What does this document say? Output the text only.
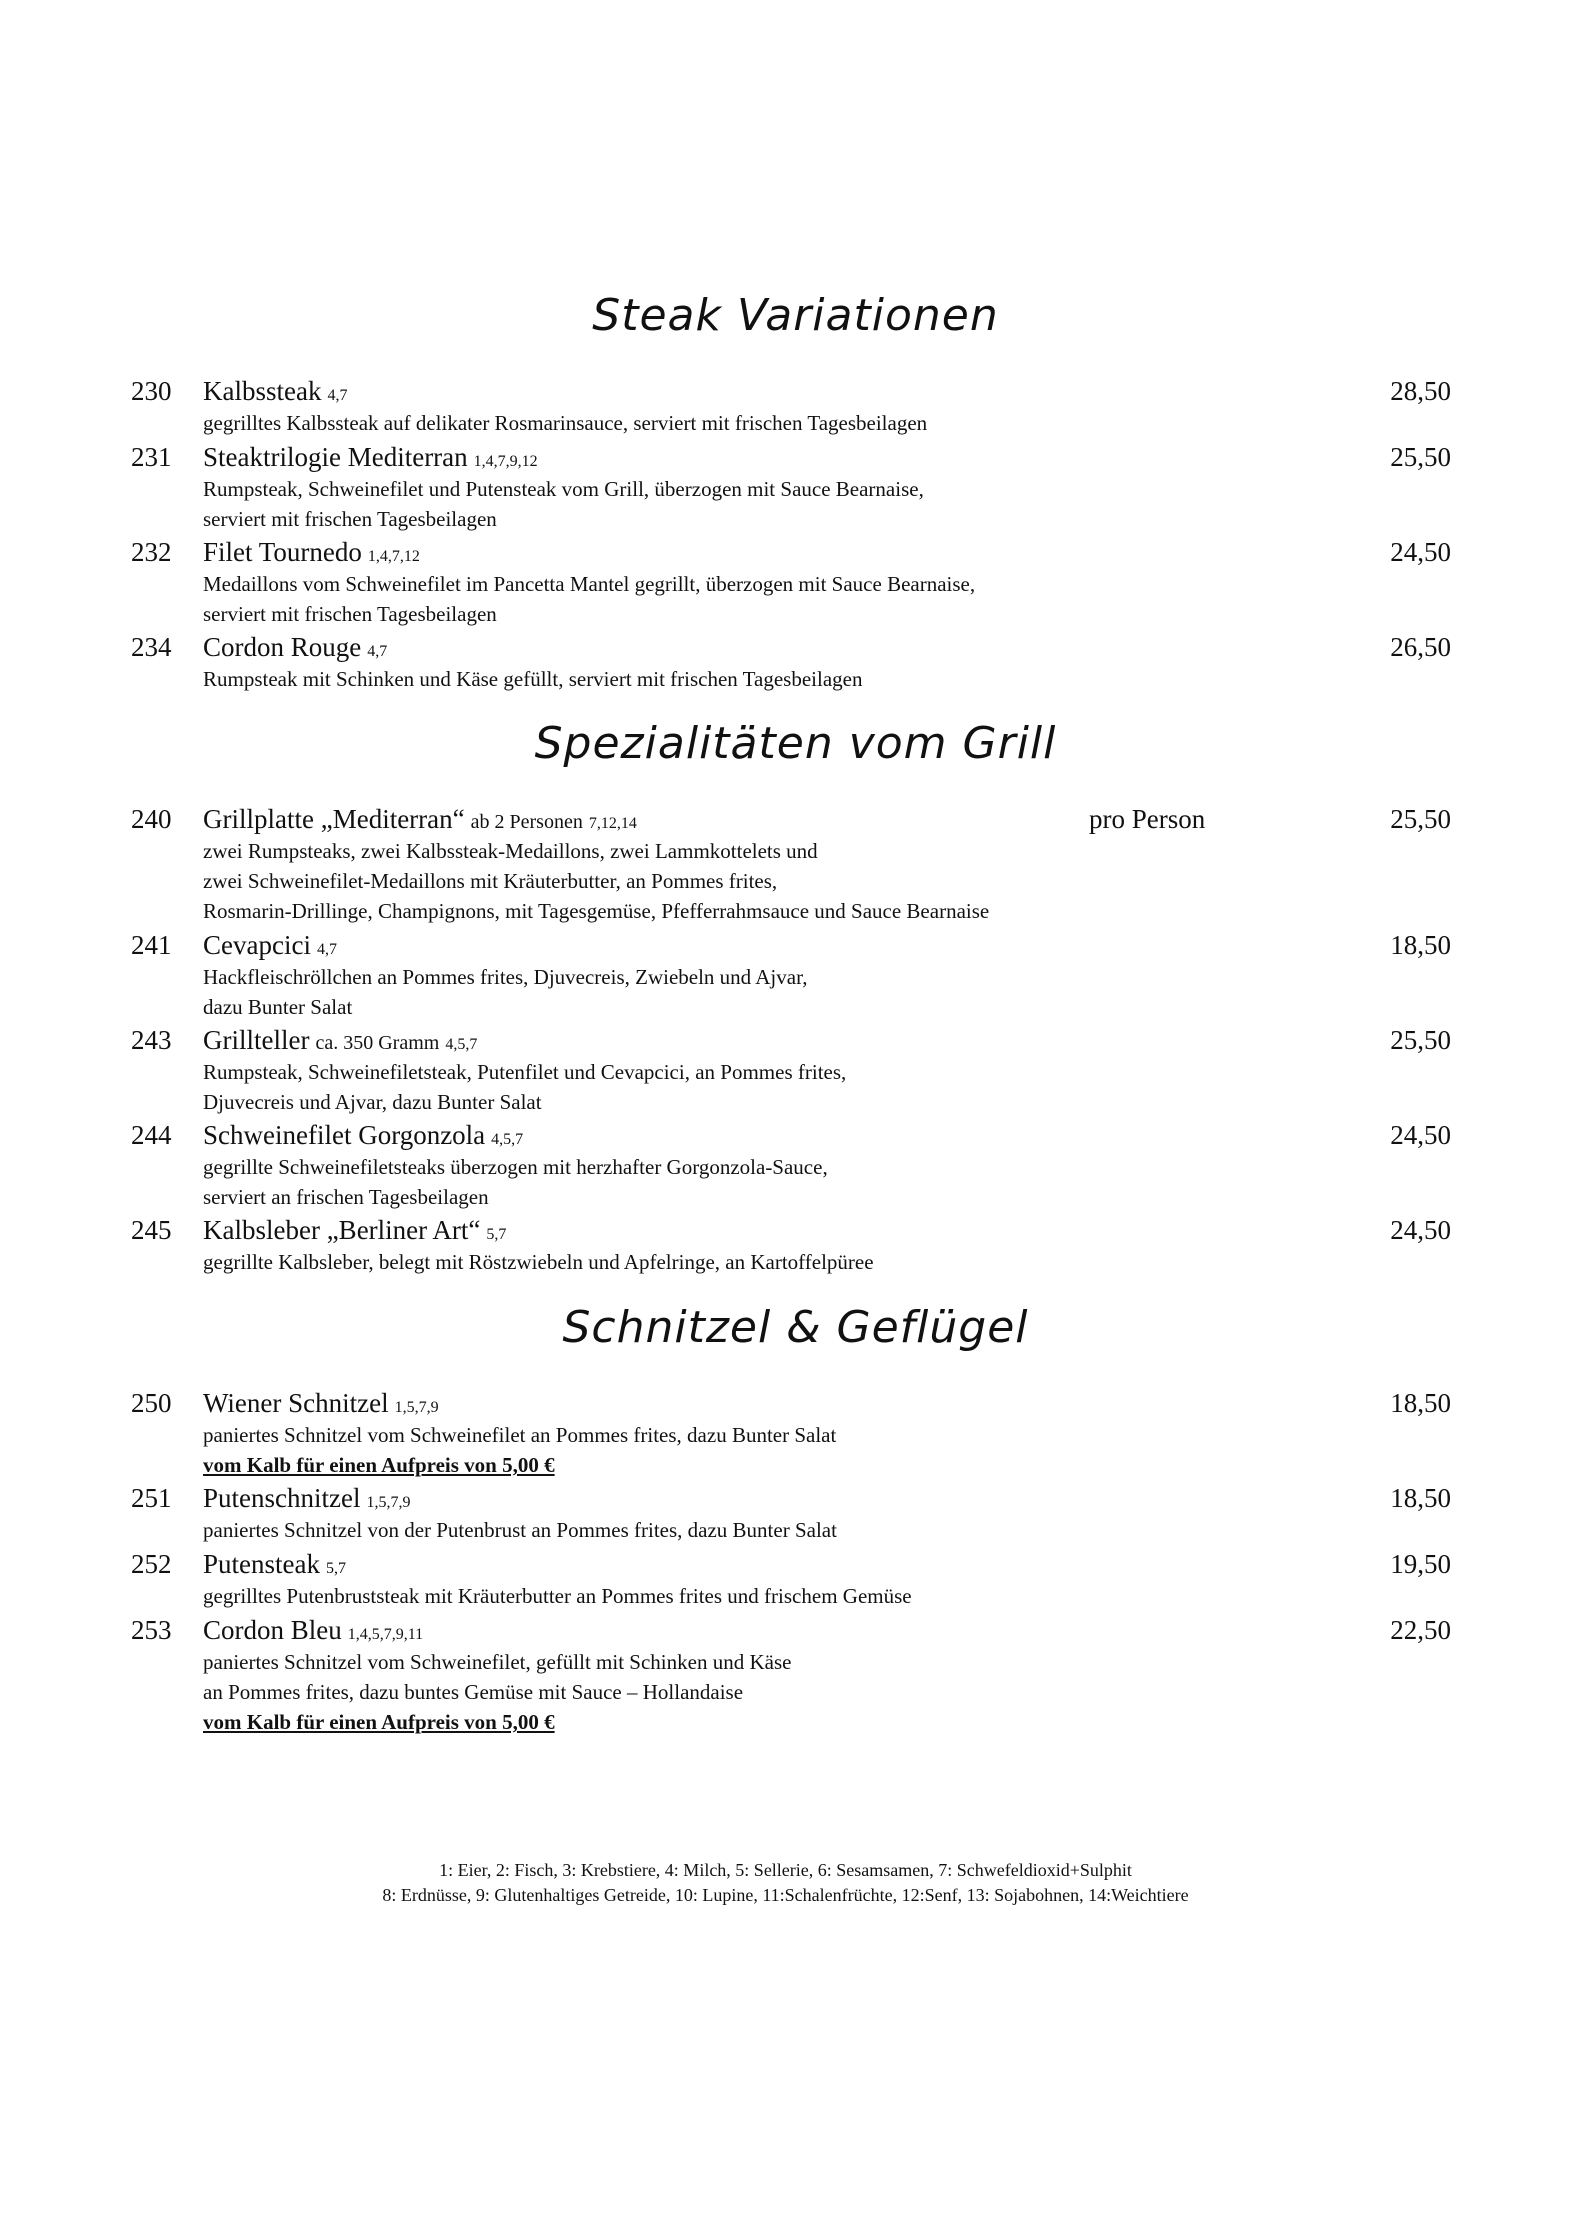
Steak Variationen
230 Kalbssteak 4,7	28,50
gegrilltes Kalbssteak auf delikater Rosmarinsauce, serviert mit frischen Tagesbeilagen
231 Steaktrilogie Mediterran 1,4,7,9,12	25,50
Rumpsteak, Schweinefilet und Putensteak vom Grill, überzogen mit Sauce Bearnaise,
serviert mit frischen Tagesbeilagen
232 Filet Tournedo 1,4,7,12	24,50
Medaillons vom Schweinefilet im Pancetta Mantel gegrillt, überzogen mit Sauce Bearnaise,
serviert mit frischen Tagesbeilagen
234 Cordon Rouge 4,7	26,50
Rumpsteak mit Schinken und Käse gefüllt, serviert mit frischen Tagesbeilagen
Spezialitäten vom Grill
240 Grillplatte „Mediterran“ ab 2 Personen 7,12,14	pro Person	25,50
zwei Rumpsteaks, zwei Kalbssteak-Medaillons, zwei Lammkottelets und
zwei Schweinefilet-Medaillons mit Kräuterbutter, an Pommes frites,
Rosmarin-Drillinge, Champignons, mit Tagesgemüse, Pfefferrahmsauce und Sauce Bearnaise
241 Cevapcici 4,7	18,50
Hackfleischröllchen an Pommes frites, Djuvecreis, Zwiebeln und Ajvar,
dazu Bunter Salat
243 Grillteller ca. 350 Gramm 4,5,7	25,50
Rumpsteak, Schweinefiletsteak, Putenfilet und Cevapcici, an Pommes frites,
Djuvecreis und Ajvar, dazu Bunter Salat
244 Schweinefilet Gorgonzola 4,5,7	24,50
gegrillte Schweinefiletsteaks überzogen mit herzhafter Gorgonzola-Sauce,
serviert an frischen Tagesbeilagen
245 Kalbsleber „Berliner Art“ 5,7	24,50
gegrillte Kalbsleber, belegt mit Röstzwiebeln und Apfelringe, an Kartoffelpüree
Schnitzel & Geflügel
250 Wiener Schnitzel 1,5,7,9	18,50
paniertes Schnitzel vom Schweinefilet an Pommes frites, dazu Bunter Salat
vom Kalb für einen Aufpreis von 5,00 €
251 Putenschnitzel 1,5,7,9	18,50
paniertes Schnitzel von der Putenbrust an Pommes frites, dazu Bunter Salat
252 Putensteak 5,7	19,50
gegrilltes Putenbruststeak mit Kräuterbutter an Pommes frites und frischem Gemüse
253 Cordon Bleu 1,4,5,7,9,11	22,50
paniertes Schnitzel vom Schweinefilet, gefüllt mit Schinken und Käse
an Pommes frites, dazu buntes Gemüse mit Sauce – Hollandaise
vom Kalb für einen Aufpreis von 5,00 €
1: Eier, 2: Fisch, 3: Krebstiere, 4: Milch, 5: Sellerie, 6: Sesamsamen, 7: Schwefeldioxid+Sulphit
8: Erdnüsse, 9: Glutenhaltiges Getreide, 10: Lupine, 11:Schalenfrüchte, 12:Senf, 13: Sojabohnen, 14:Weichtiere
